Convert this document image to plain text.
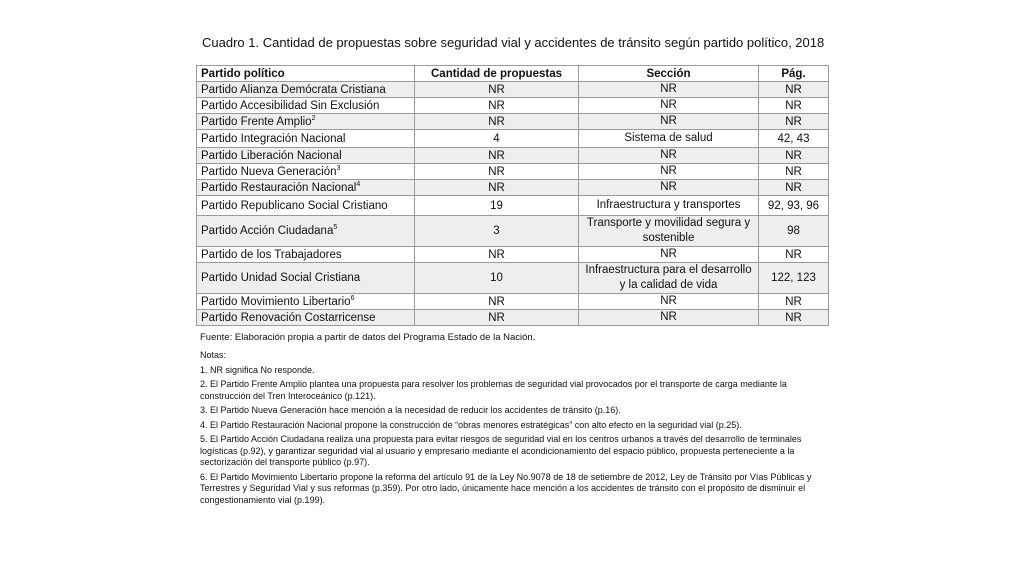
Cuadro 1. Cantidad de propuestas sobre seguridad vial y accidentes de tránsito según partido político, 2018
Partido político	Cantidad de propuestas	Sección	Pág.
Partido Alianza Demócrata Cristiana	NR	NR	NR
Partido Accesibilidad Sin Exclusión	NR	NR	NR
Partido Frente Amplio$^2$	NR	NR	NR
Partido Integración Nacional	4	Sistema de salud	42, 43
Partido Liberación Nacional	NR	NR	NR
Partido Nueva Generación$^3$	NR	NR	NR
Partido Restauración Nacional$^4$	NR	NR	NR
Partido Republicano Social Cristiano	19	Infraestructura y transportes	92, 93, 96
Partido Acción Ciudadana$^5$	3	Transporte y movilidad segura y sostenible	98
Partido de los Trabajadores	NR	NR	NR
Partido Unidad Social Cristiana	10	Infraestructura para el desarrollo y la calidad de vida	122, 123
Partido Movimiento Libertario$^6$	NR	NR	NR
Partido Renovación Costarricense	NR	NR	NR
Fuente: Elaboración propia a partir de datos del Programa Estado de la Nación.

Notas:

1. NR significa No responde.

2. El Partido Frente Amplio plantea una propuesta para resolver los problemas de seguridad vial provocados por el transporte de carga mediante la construcción del Tren Interoceánico (p.121).

3. El Partido Nueva Generación hace mención a la necesidad de reducir los accidentes de tránsito (p.16).

4. El Partido Restauración Nacional propone la construcción de “obras menores estratégicas” con alto efecto en la seguridad vial (p.25).

5. El Partido Acción Ciudadana realiza una propuesta para evitar riesgos de seguridad vial en los centros urbanos a través del desarrollo de terminales logísticas (p.92), y garantizar seguridad vial al usuario y empresario mediante el acondicionamiento del espacio público, propuesta perteneciente a la sectorización del transporte público (p.97).

6. El Partido Movimiento Libertario propone la reforma del artículo 91 de la Ley No.9078 de 18 de setiembre de 2012, Ley de Tránsito por Vías Públicas y Terrestres y Seguridad Vial y sus reformas (p.359). Por otro lado, únicamente hace mención a los accidentes de tránsito con el propósito de disminuir el congestionamiento vial (p.199).
